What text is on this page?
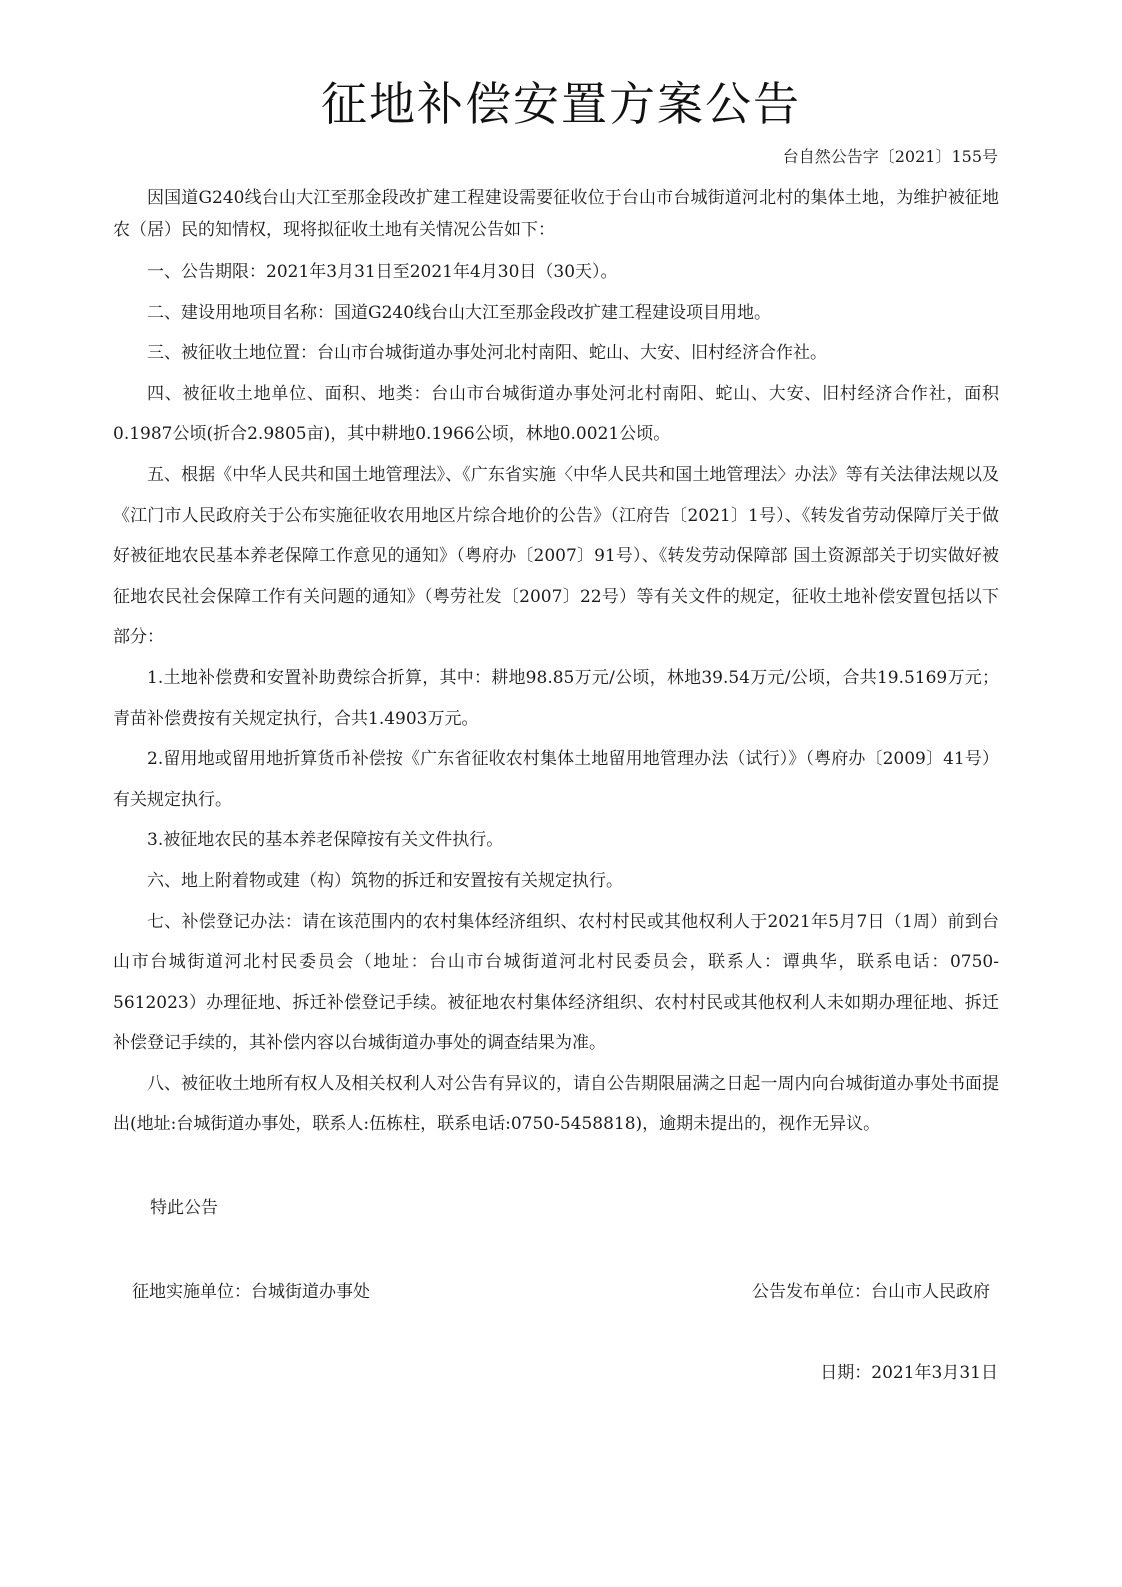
征地补偿安置方案公告
台自然公告字〔2021〕155号

因国道G240线台山大江至那金段改扩建工程建设需要征收位于台山市台城街道河北村的集体土地，为维护被征地农（居）民的知情权，现将拟征收土地有关情况公告如下：

一、公告期限：2021年3月31日至2021年4月30日（30天）。

二、建设用地项目名称：国道G240线台山大江至那金段改扩建工程建设项目用地。

三、被征收土地位置：台山市台城街道办事处河北村南阳、蛇山、大安、旧村经济合作社。

四、被征收土地单位、面积、地类：台山市台城街道办事处河北村南阳、蛇山、大安、旧村经济合作社，面积0.1987公顷(折合2.9805亩)，其中耕地0.1966公顷，林地0.0021公顷。

五、根据《中华人民共和国土地管理法》、《广东省实施〈中华人民共和国土地管理法〉办法》等有关法律法规以及《江门市人民政府关于公布实施征收农用地区片综合地价的公告》（江府告〔2021〕1号）、《转发省劳动保障厅关于做好被征地农民基本养老保障工作意见的通知》（粤府办〔2007〕91号）、《转发劳动保障部 国土资源部关于切实做好被征地农民社会保障工作有关问题的通知》（粤劳社发〔2007〕22号）等有关文件的规定，征收土地补偿安置包括以下部分：

1.土地补偿费和安置补助费综合折算，其中：耕地98.85万元/公顷，林地39.54万元/公顷，合共19.5169万元；青苗补偿费按有关规定执行，合共1.4903万元。

2.留用地或留用地折算货币补偿按《广东省征收农村集体土地留用地管理办法（试行）》（粤府办〔2009〕41号）有关规定执行。

3.被征地农民的基本养老保障按有关文件执行。

六、地上附着物或建（构）筑物的拆迁和安置按有关规定执行。

七、补偿登记办法：请在该范围内的农村集体经济组织、农村村民或其他权利人于2021年5月7日（1周）前到台山市台城街道河北村民委员会（地址：台山市台城街道河北村民委员会，联系人：谭典华，联系电话：0750-5612023）办理征地、拆迁补偿登记手续。被征地农村集体经济组织、农村村民或其他权利人未如期办理征地、拆迁补偿登记手续的，其补偿内容以台城街道办事处的调查结果为准。

八、被征收土地所有权人及相关权利人对公告有异议的，请自公告期限届满之日起一周内向台城街道办事处书面提出(地址:台城街道办事处，联系人:伍栋柱，联系电话:0750-5458818)，逾期未提出的，视作无异议。

特此公告
征地实施单位：台城街道办事处	公告发布单位：台山市人民政府
日期：2021年3月31日
